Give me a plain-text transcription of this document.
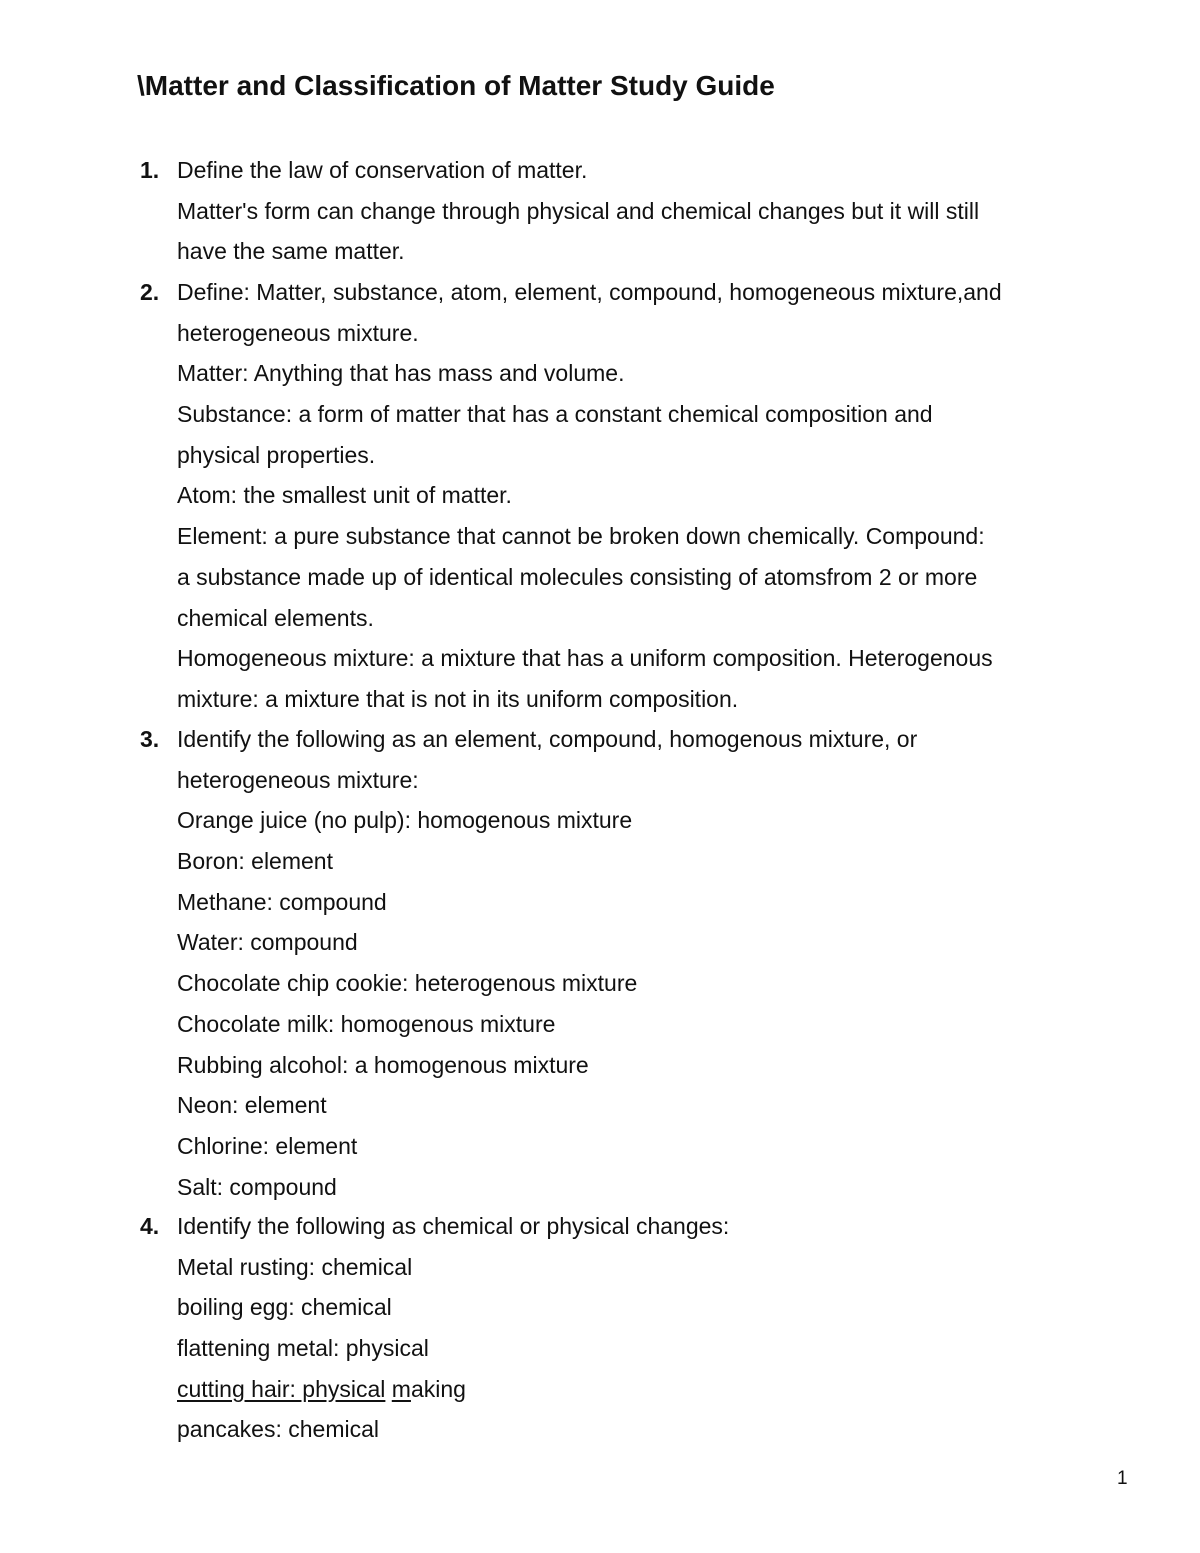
\Matter and Classification of Matter Study Guide
1. Define the law of conservation of matter.
Matter's form can change through physical and chemical changes but it will still
have the same matter.
2. Define: Matter, substance, atom, element, compound, homogeneous mixture,and
heterogeneous mixture.
Matter: Anything that has mass and volume.
Substance: a form of matter that has a constant chemical composition and
physical properties.
Atom: the smallest unit of matter.
Element: a pure substance that cannot be broken down chemically. Compound:
a substance made up of identical molecules consisting of atomsfrom 2 or more
chemical elements.
Homogeneous mixture: a mixture that has a uniform composition. Heterogenous
mixture: a mixture that is not in its uniform composition.
3. Identify the following as an element, compound, homogenous mixture, or
heterogeneous mixture:
Orange juice (no pulp): homogenous mixture
Boron: element
Methane: compound
Water: compound
Chocolate chip cookie: heterogenous mixture
Chocolate milk: homogenous mixture
Rubbing alcohol: a homogenous mixture
Neon: element
Chlorine: element
Salt: compound
4. Identify the following as chemical or physical changes:
Metal rusting: chemical
boiling egg: chemical
flattening metal: physical
cutting hair: physical making
pancakes: chemical
1
